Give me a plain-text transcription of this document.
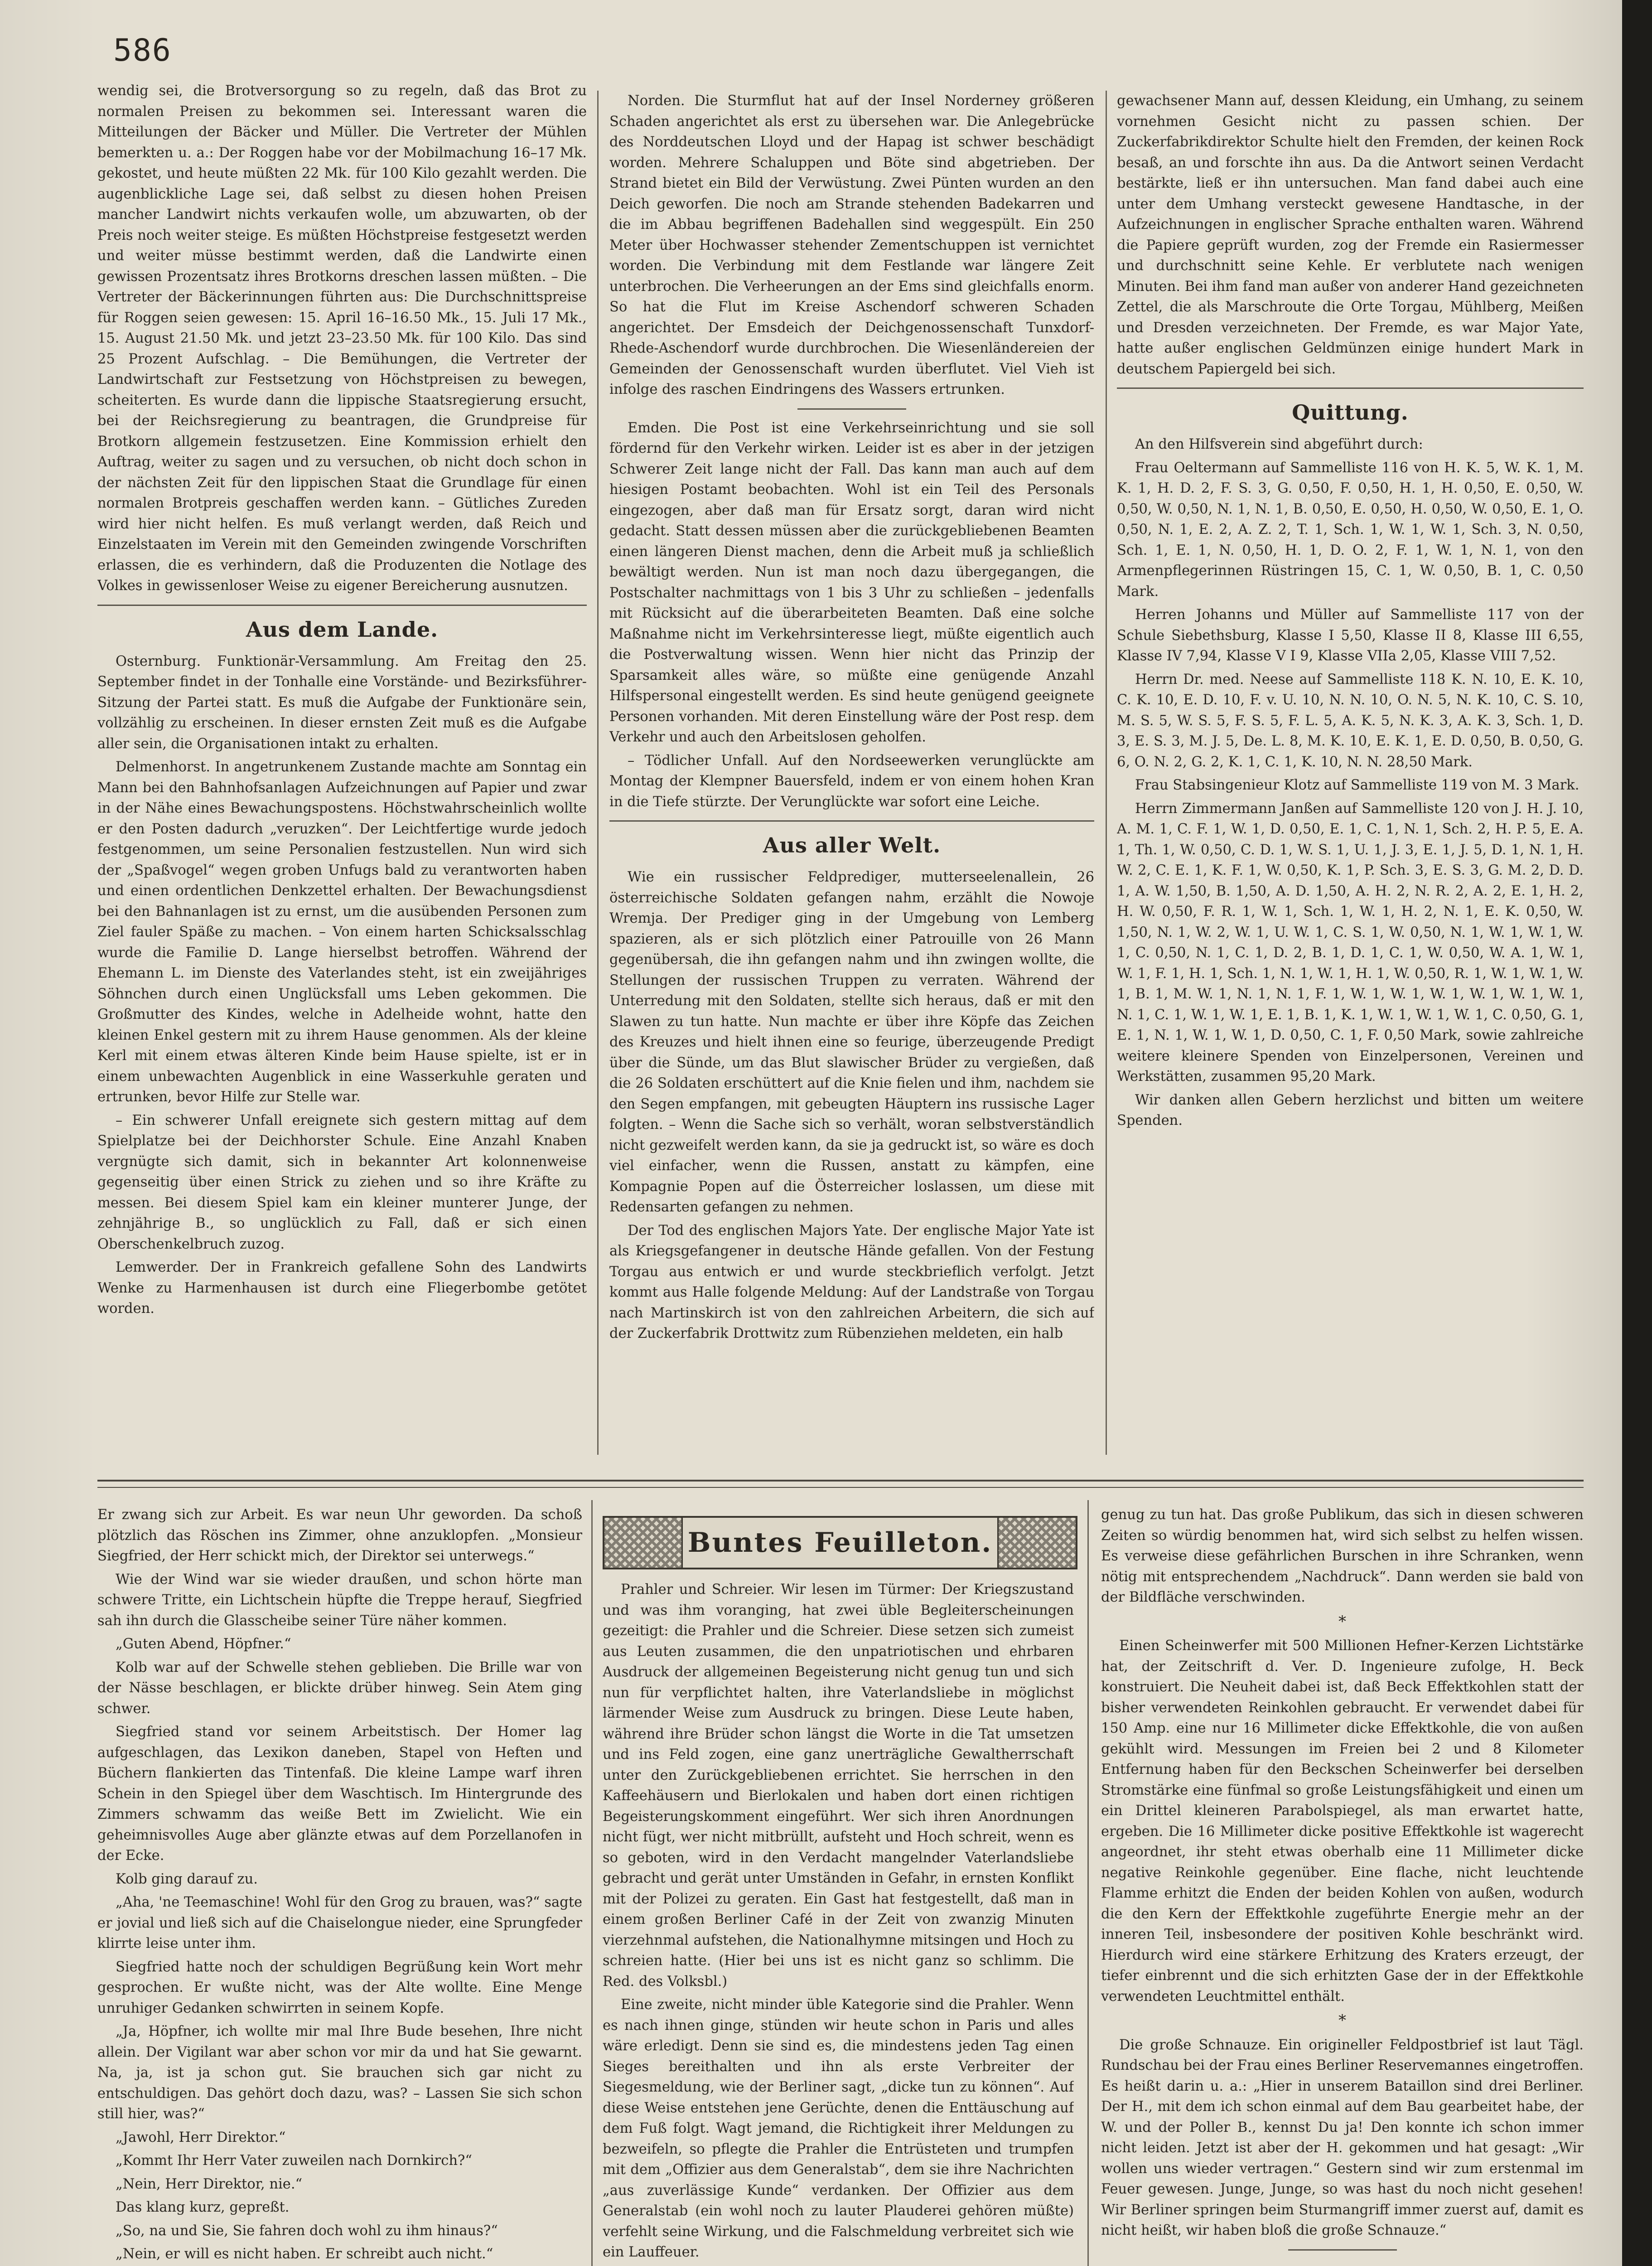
586

wendig sei, die Brotversorgung so zu regeln, daß das Brot zu normalen Preisen zu bekommen sei. Interessant waren die Mitteilungen der Bäcker und Müller. Die Vertreter der Mühlen bemerkten u. a.: Der Roggen habe vor der Mobilmachung 16–17 Mk. gekostet, und heute müßten 22 Mk. für 100 Kilo gezahlt werden. Die augenblickliche Lage sei, daß selbst zu diesen hohen Preisen mancher Landwirt nichts verkaufen wolle, um abzuwarten, ob der Preis noch weiter steige. Es müßten Höchstpreise festgesetzt werden und weiter müsse bestimmt werden, daß die Landwirte einen gewissen Prozentsatz ihres Brotkorns dreschen lassen müßten. – Die Vertreter der Bäckerinnungen führten aus: Die Durchschnittspreise für Roggen seien gewesen: 15. April 16–16.50 Mk., 15. Juli 17 Mk., 15. August 21.50 Mk. und jetzt 23–23.50 Mk. für 100 Kilo. Das sind 25 Prozent Aufschlag. – Die Bemühungen, die Vertreter der Landwirtschaft zur Festsetzung von Höchstpreisen zu bewegen, scheiterten. Es wurde dann die lippische Staatsregierung ersucht, bei der Reichsregierung zu beantragen, die Grundpreise für Brotkorn allgemein festzusetzen. Eine Kommission erhielt den Auftrag, weiter zu sagen und zu versuchen, ob nicht doch schon in der nächsten Zeit für den lippischen Staat die Grundlage für einen normalen Brotpreis geschaffen werden kann. – Gütliches Zureden wird hier nicht helfen. Es muß verlangt werden, daß Reich und Einzelstaaten im Verein mit den Gemeinden zwingende Vorschriften erlassen, die es verhindern, daß die Produzenten die Notlage des Volkes in gewissenloser Weise zu eigener Bereicherung ausnutzen.

Aus dem Lande.

Osternburg. Funktionär-Versammlung. Am Freitag den 25. September findet in der Tonhalle eine Vorstände- und Bezirksführer-Sitzung der Partei statt. Es muß die Aufgabe der Funktionäre sein, vollzählig zu erscheinen. In dieser ernsten Zeit muß es die Aufgabe aller sein, die Organisationen intakt zu erhalten.

Delmenhorst. In angetrunkenem Zustande machte am Sonntag ein Mann bei den Bahnhofsanlagen Aufzeichnungen auf Papier und zwar in der Nähe eines Bewachungspostens. Höchstwahrscheinlich wollte er den Posten dadurch „veruzken“. Der Leichtfertige wurde jedoch festgenommen, um seine Personalien festzustellen. Nun wird sich der „Spaßvogel“ wegen groben Unfugs bald zu verantworten haben und einen ordentlichen Denkzettel erhalten. Der Bewachungsdienst bei den Bahnanlagen ist zu ernst, um die ausübenden Personen zum Ziel fauler Späße zu machen. – Von einem harten Schicksalsschlag wurde die Familie D. Lange hierselbst betroffen. Während der Ehemann L. im Dienste des Vaterlandes steht, ist ein zweijähriges Söhnchen durch einen Unglücksfall ums Leben gekommen. Die Großmutter des Kindes, welche in Adelheide wohnt, hatte den kleinen Enkel gestern mit zu ihrem Hause genommen. Als der kleine Kerl mit einem etwas älteren Kinde beim Hause spielte, ist er in einem unbewachten Augenblick in eine Wasserkuhle geraten und ertrunken, bevor Hilfe zur Stelle war.

– Ein schwerer Unfall ereignete sich gestern mittag auf dem Spielplatze bei der Deichhorster Schule. Eine Anzahl Knaben vergnügte sich damit, sich in bekannter Art kolonnenweise gegenseitig über einen Strick zu ziehen und so ihre Kräfte zu messen. Bei diesem Spiel kam ein kleiner munterer Junge, der zehnjährige B., so unglücklich zu Fall, daß er sich einen Oberschenkelbruch zuzog.

Lemwerder. Der in Frankreich gefallene Sohn des Landwirts Wenke zu Harmenhausen ist durch eine Fliegerbombe getötet worden.

Norden. Die Sturmflut hat auf der Insel Norderney größeren Schaden angerichtet als erst zu übersehen war. Die Anlegebrücke des Norddeutschen Lloyd und der Hapag ist schwer beschädigt worden. Mehrere Schaluppen und Böte sind abgetrieben. Der Strand bietet ein Bild der Verwüstung. Zwei Pünten wurden an den Deich geworfen. Die noch am Strande stehenden Badekarren und die im Abbau begriffenen Badehallen sind weggespült. Ein 250 Meter über Hochwasser stehender Zementschuppen ist vernichtet worden. Die Verbindung mit dem Festlande war längere Zeit unterbrochen. Die Verheerungen an der Ems sind gleichfalls enorm. So hat die Flut im Kreise Aschendorf schweren Schaden angerichtet. Der Emsdeich der Deichgenossenschaft Tunxdorf-Rhede-Aschendorf wurde durchbrochen. Die Wiesenländereien der Gemeinden der Genossenschaft wurden überflutet. Viel Vieh ist infolge des raschen Eindringens des Wassers ertrunken.

Emden. Die Post ist eine Verkehrseinrichtung und sie soll fördernd für den Verkehr wirken. Leider ist es aber in der jetzigen Schwerer Zeit lange nicht der Fall. Das kann man auch auf dem hiesigen Postamt beobachten. Wohl ist ein Teil des Personals eingezogen, aber daß man für Ersatz sorgt, daran wird nicht gedacht. Statt dessen müssen aber die zurückgebliebenen Beamten einen längeren Dienst machen, denn die Arbeit muß ja schließlich bewältigt werden. Nun ist man noch dazu übergegangen, die Postschalter nachmittags von 1 bis 3 Uhr zu schließen – jedenfalls mit Rücksicht auf die überarbeiteten Beamten. Daß eine solche Maßnahme nicht im Verkehrsinteresse liegt, müßte eigentlich auch die Postverwaltung wissen. Wenn hier nicht das Prinzip der Sparsamkeit alles wäre, so müßte eine genügende Anzahl Hilfspersonal eingestellt werden. Es sind heute genügend geeignete Personen vorhanden. Mit deren Einstellung wäre der Post resp. dem Verkehr und auch den Arbeitslosen geholfen.

– Tödlicher Unfall. Auf den Nordseewerken verunglückte am Montag der Klempner Bauersfeld, indem er von einem hohen Kran in die Tiefe stürzte. Der Verunglückte war sofort eine Leiche.

Aus aller Welt.

Wie ein russischer Feldprediger, mutterseelenallein, 26 österreichische Soldaten gefangen nahm, erzählt die Nowoje Wremja. Der Prediger ging in der Umgebung von Lemberg spazieren, als er sich plötzlich einer Patrouille von 26 Mann gegenübersah, die ihn gefangen nahm und ihn zwingen wollte, die Stellungen der russischen Truppen zu verraten. Während der Unterredung mit den Soldaten, stellte sich heraus, daß er mit den Slawen zu tun hatte. Nun machte er über ihre Köpfe das Zeichen des Kreuzes und hielt ihnen eine so feurige, überzeugende Predigt über die Sünde, um das Blut slawischer Brüder zu vergießen, daß die 26 Soldaten erschüttert auf die Knie fielen und ihm, nachdem sie den Segen empfangen, mit gebeugten Häuptern ins russische Lager folgten. – Wenn die Sache sich so verhält, woran selbstverständlich nicht gezweifelt werden kann, da sie ja gedruckt ist, so wäre es doch viel einfacher, wenn die Russen, anstatt zu kämpfen, eine Kompagnie Popen auf die Österreicher loslassen, um diese mit Redensarten gefangen zu nehmen.

Der Tod des englischen Majors Yate. Der englische Major Yate ist als Kriegsgefangener in deutsche Hände gefallen. Von der Festung Torgau aus entwich er und wurde steckbrieflich verfolgt. Jetzt kommt aus Halle folgende Meldung: Auf der Landstraße von Torgau nach Martinskirch ist von den zahlreichen Arbeitern, die sich auf der Zuckerfabrik Drottwitz zum Rübenziehen meldeten, ein halb

gewachsener Mann auf, dessen Kleidung, ein Umhang, zu seinem vornehmen Gesicht nicht zu passen schien. Der Zuckerfabrikdirektor Schulte hielt den Fremden, der keinen Rock besaß, an und forschte ihn aus. Da die Antwort seinen Verdacht bestärkte, ließ er ihn untersuchen. Man fand dabei auch eine unter dem Umhang versteckt gewesene Handtasche, in der Aufzeichnungen in englischer Sprache enthalten waren. Während die Papiere geprüft wurden, zog der Fremde ein Rasiermesser und durchschnitt seine Kehle. Er verblutete nach wenigen Minuten. Bei ihm fand man außer von anderer Hand gezeichneten Zettel, die als Marschroute die Orte Torgau, Mühlberg, Meißen und Dresden verzeichneten. Der Fremde, es war Major Yate, hatte außer englischen Geldmünzen einige hundert Mark in deutschem Papiergeld bei sich.

Quittung.

An den Hilfsverein sind abgeführt durch:

Frau Oeltermann auf Sammelliste 116 von H. K. 5, W. K. 1, M. K. 1, H. D. 2, F. S. 3, G. 0,50, F. 0,50, H. 1, H. 0,50, E. 0,50, W. 0,50, W. 0,50, N. 1, N. 1, B. 0,50, E. 0,50, H. 0,50, W. 0,50, E. 1, O. 0,50, N. 1, E. 2, A. Z. 2, T. 1, Sch. 1, W. 1, W. 1, Sch. 3, N. 0,50, Sch. 1, E. 1, N. 0,50, H. 1, D. O. 2, F. 1, W. 1, N. 1, von den Armenpflegerinnen Rüstringen 15, C. 1, W. 0,50, B. 1, C. 0,50 Mark.

Herren Johanns und Müller auf Sammelliste 117 von der Schule Siebethsburg, Klasse I 5,50, Klasse II 8, Klasse III 6,55, Klasse IV 7,94, Klasse V I 9, Klasse VIIa 2,05, Klasse VIII 7,52.

Herrn Dr. med. Neese auf Sammelliste 118 K. N. 10, E. K. 10, C. K. 10, E. D. 10, F. v. U. 10, N. N. 10, O. N. 5, N. K. 10, C. S. 10, M. S. 5, W. S. 5, F. S. 5, F. L. 5, A. K. 5, N. K. 3, A. K. 3, Sch. 1, D. 3, E. S. 3, M. J. 5, De. L. 8, M. K. 10, E. K. 1, E. D. 0,50, B. 0,50, G. 6, O. N. 2, G. 2, K. 1, C. 1, K. 10, N. N. 28,50 Mark.

Frau Stabsingenieur Klotz auf Sammelliste 119 von M. 3 Mark.

Herrn Zimmermann Janßen auf Sammelliste 120 von J. H. J. 10, A. M. 1, C. F. 1, W. 1, D. 0,50, E. 1, C. 1, N. 1, Sch. 2, H. P. 5, E. A. 1, Th. 1, W. 0,50, C. D. 1, W. S. 1, U. 1, J. 3, E. 1, J. 5, D. 1, N. 1, H. W. 2, C. E. 1, K. F. 1, W. 0,50, K. 1, P. Sch. 3, E. S. 3, G. M. 2, D. D. 1, A. W. 1,50, B. 1,50, A. D. 1,50, A. H. 2, N. R. 2, A. 2, E. 1, H. 2, H. W. 0,50, F. R. 1, W. 1, Sch. 1, W. 1, H. 2, N. 1, E. K. 0,50, W. 1,50, N. 1, W. 2, W. 1, U. W. 1, C. S. 1, W. 0,50, N. 1, W. 1, W. 1, W. 1, C. 0,50, N. 1, C. 1, D. 2, B. 1, D. 1, C. 1, W. 0,50, W. A. 1, W. 1, W. 1, F. 1, H. 1, Sch. 1, N. 1, W. 1, H. 1, W. 0,50, R. 1, W. 1, W. 1, W. 1, B. 1, M. W. 1, N. 1, N. 1, F. 1, W. 1, W. 1, W. 1, W. 1, W. 1, W. 1, N. 1, C. 1, W. 1, W. 1, E. 1, B. 1, K. 1, W. 1, W. 1, W. 1, C. 0,50, G. 1, E. 1, N. 1, W. 1, W. 1, D. 0,50, C. 1, F. 0,50 Mark, sowie zahlreiche weitere kleinere Spenden von Einzelpersonen, Vereinen und Werkstätten, zusammen 95,20 Mark.

Wir danken allen Gebern herzlichst und bitten um weitere Spenden.

Er zwang sich zur Arbeit. Es war neun Uhr geworden. Da schoß plötzlich das Röschen ins Zimmer, ohne anzuklopfen. „Monsieur Siegfried, der Herr schickt mich, der Direktor sei unterwegs.“

Wie der Wind war sie wieder draußen, und schon hörte man schwere Tritte, ein Lichtschein hüpfte die Treppe herauf, Siegfried sah ihn durch die Glasscheibe seiner Türe näher kommen.

„Guten Abend, Höpfner.“

Kolb war auf der Schwelle stehen geblieben. Die Brille war von der Nässe beschlagen, er blickte drüber hinweg. Sein Atem ging schwer.

Siegfried stand vor seinem Arbeitstisch. Der Homer lag aufgeschlagen, das Lexikon daneben, Stapel von Heften und Büchern flankierten das Tintenfaß. Die kleine Lampe warf ihren Schein in den Spiegel über dem Waschtisch. Im Hintergrunde des Zimmers schwamm das weiße Bett im Zwielicht. Wie ein geheimnisvolles Auge aber glänzte etwas auf dem Porzellanofen in der Ecke.

Kolb ging darauf zu.

„Aha, 'ne Teemaschine! Wohl für den Grog zu brauen, was?“ sagte er jovial und ließ sich auf die Chaiselongue nieder, eine Sprungfeder klirrte leise unter ihm.

Siegfried hatte noch der schuldigen Begrüßung kein Wort mehr gesprochen. Er wußte nicht, was der Alte wollte. Eine Menge unruhiger Gedanken schwirrten in seinem Kopfe.

„Ja, Höpfner, ich wollte mir mal Ihre Bude besehen, Ihre nicht allein. Der Vigilant war aber schon vor mir da und hat Sie gewarnt. Na, ja, ist ja schon gut. Sie brauchen sich gar nicht zu entschuldigen. Das gehört doch dazu, was? – Lassen Sie sich schon still hier, was?“

„Jawohl, Herr Direktor.“

„Kommt Ihr Herr Vater zuweilen nach Dornkirch?“

„Nein, Herr Direktor, nie.“

Das klang kurz, gepreßt.

„So, na und Sie, Sie fahren doch wohl zu ihm hinaus?“

„Nein, er will es nicht haben. Er schreibt auch nicht.“

Buntes Feuilleton.

Prahler und Schreier. Wir lesen im Türmer: Der Kriegszustand und was ihm voranging, hat zwei üble Begleiterscheinungen gezeitigt: die Prahler und die Schreier. Diese setzen sich zumeist aus Leuten zusammen, die den unpatriotischen und ehrbaren Ausdruck der allgemeinen Begeisterung nicht genug tun und sich nun für verpflichtet halten, ihre Vaterlandsliebe in möglichst lärmender Weise zum Ausdruck zu bringen. Diese Leute haben, während ihre Brüder schon längst die Worte in die Tat umsetzen und ins Feld zogen, eine ganz unerträgliche Gewaltherrschaft unter den Zurückgebliebenen errichtet. Sie herrschen in den Kaffeehäusern und Bierlokalen und haben dort einen richtigen Begeisterungskomment eingeführt. Wer sich ihren Anordnungen nicht fügt, wer nicht mitbrüllt, aufsteht und Hoch schreit, wenn es so geboten, wird in den Verdacht mangelnder Vaterlandsliebe gebracht und gerät unter Umständen in Gefahr, in ernsten Konflikt mit der Polizei zu geraten. Ein Gast hat festgestellt, daß man in einem großen Berliner Café in der Zeit von zwanzig Minuten vierzehnmal aufstehen, die Nationalhymne mitsingen und Hoch zu schreien hatte. (Hier bei uns ist es nicht ganz so schlimm. Die Red. des Volksbl.)

Eine zweite, nicht minder üble Kategorie sind die Prahler. Wenn es nach ihnen ginge, stünden wir heute schon in Paris und alles wäre erledigt. Denn sie sind es, die mindestens jeden Tag einen Sieges bereithalten und ihn als erste Verbreiter der Siegesmeldung, wie der Berliner sagt, „dicke tun zu können“. Auf diese Weise entstehen jene Gerüchte, denen die Enttäuschung auf dem Fuß folgt. Wagt jemand, die Richtigkeit ihrer Meldungen zu bezweifeln, so pflegte die Prahler die Entrüsteten und trumpfen mit dem „Offizier aus dem Generalstab“, dem sie ihre Nachrichten „aus zuverlässige Kunde“ verdanken. Der Offizier aus dem Generalstab (ein wohl noch zu lauter Plauderei gehören müßte) verfehlt seine Wirkung, und die Falschmeldung verbreitet sich wie ein Lauffeuer.

genug zu tun hat. Das große Publikum, das sich in diesen schweren Zeiten so würdig benommen hat, wird sich selbst zu helfen wissen. Es verweise diese gefährlichen Burschen in ihre Schranken, wenn nötig mit entsprechendem „Nachdruck“. Dann werden sie bald von der Bildfläche verschwinden.

*

Einen Scheinwerfer mit 500 Millionen Hefner-Kerzen Lichtstärke hat, der Zeitschrift d. Ver. D. Ingenieure zufolge, H. Beck konstruiert. Die Neuheit dabei ist, daß Beck Effektkohlen statt der bisher verwendeten Reinkohlen gebraucht. Er verwendet dabei für 150 Amp. eine nur 16 Millimeter dicke Effektkohle, die von außen gekühlt wird. Messungen im Freien bei 2 und 8 Kilometer Entfernung haben für den Beckschen Scheinwerfer bei derselben Stromstärke eine fünfmal so große Leistungsfähigkeit und einen um ein Drittel kleineren Parabolspiegel, als man erwartet hatte, ergeben. Die 16 Millimeter dicke positive Effektkohle ist wagerecht angeordnet, ihr steht etwas oberhalb eine 11 Millimeter dicke negative Reinkohle gegenüber. Eine flache, nicht leuchtende Flamme erhitzt die Enden der beiden Kohlen von außen, wodurch die den Kern der Effektkohle zugeführte Energie mehr an der inneren Teil, insbesondere der positiven Kohle beschränkt wird. Hierdurch wird eine stärkere Erhitzung des Kraters erzeugt, der tiefer einbrennt und die sich erhitzten Gase der in der Effektkohle verwendeten Leuchtmittel enthält.

*

Die große Schnauze. Ein origineller Feldpostbrief ist laut Tägl. Rundschau bei der Frau eines Berliner Reservemannes eingetroffen. Es heißt darin u. a.: „Hier in unserem Bataillon sind drei Berliner. Der H., mit dem ich schon einmal auf dem Bau gearbeitet habe, der W. und der Poller B., kennst Du ja! Den konnte ich schon immer nicht leiden. Jetzt ist aber der H. gekommen und hat gesagt: „Wir wollen uns wieder vertragen.“ Gestern sind wir zum erstenmal im Feuer gewesen. Junge, Junge, so was hast du noch nicht gesehen! Wir Berliner springen beim Sturmangriff immer zuerst auf, damit es nicht heißt, wir haben bloß die große Schnauze.“
